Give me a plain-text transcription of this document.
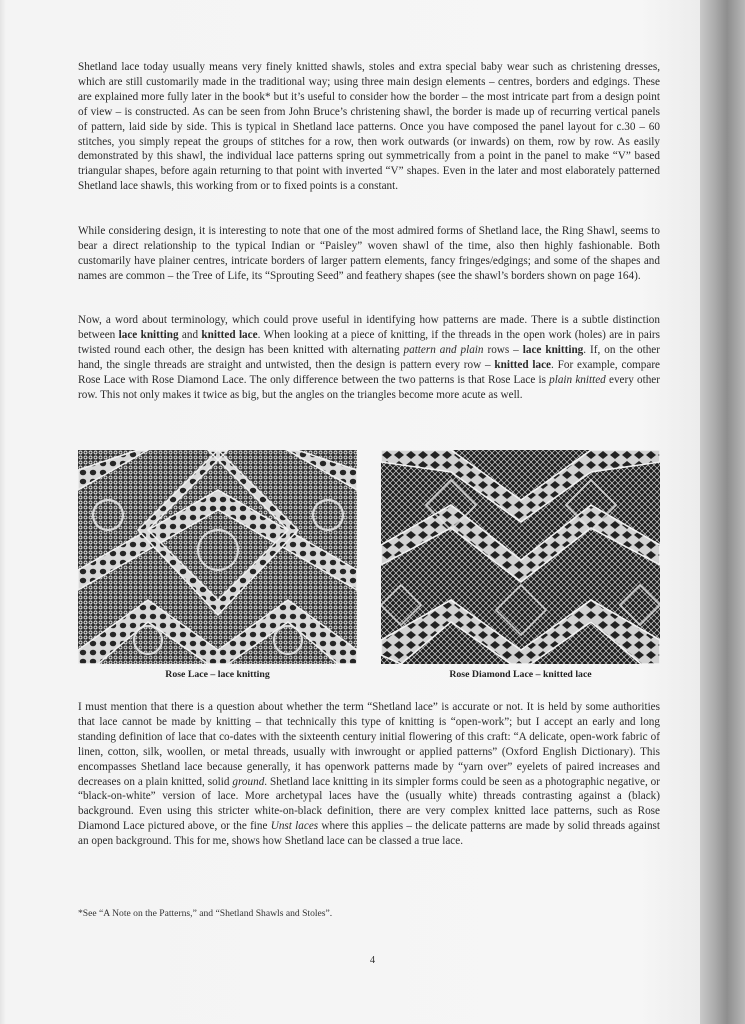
Shetland lace today usually means very finely knitted shawls, stoles and extra special baby wear such as christening dresses, which are still customarily made in the traditional way; using three main design elements – centres, borders and edgings. These are explained more fully later in the book* but it’s useful to consider how the border – the most intricate part from a design point of view – is constructed. As can be seen from John Bruce’s christening shawl, the border is made up of recurring vertical panels of pattern, laid side by side. This is typical in Shetland lace patterns. Once you have composed the panel layout for c.30 – 60 stitches, you simply repeat the groups of stitches for a row, then work outwards (or inwards) on them, row by row. As easily demonstrated by this shawl, the individual lace patterns spring out symmetrically from a point in the panel to make “V” based triangular shapes, before again returning to that point with inverted “V” shapes. Even in the later and most elaborately patterned Shetland lace shawls, this working from or to fixed points is a constant.

While considering design, it is interesting to note that one of the most admired forms of Shetland lace, the Ring Shawl, seems to bear a direct relationship to the typical Indian or “Paisley” woven shawl of the time, also then highly fashionable. Both customarily have plainer centres, intricate borders of larger pattern elements, fancy fringes/edgings; and some of the shapes and names are common – the Tree of Life, its “Sprouting Seed” and feathery shapes (see the shawl’s borders shown on page 164).

Now, a word about terminology, which could prove useful in identifying how patterns are made. There is a subtle distinction between lace knitting and knitted lace. When looking at a piece of knitting, if the threads in the open work (holes) are in pairs twisted round each other, the design has been knitted with alternating pattern and plain rows – lace knitting. If, on the other hand, the single threads are straight and untwisted, then the design is pattern every row – knitted lace. For example, compare Rose Lace with Rose Diamond Lace. The only difference between the two patterns is that Rose Lace is plain knitted every other row. This not only makes it twice as big, but the angles on the triangles become more acute as well.

Rose Lace – lace knitting	Rose Diamond Lace – knitted lace

I must mention that there is a question about whether the term “Shetland lace” is accurate or not. It is held by some authorities that lace cannot be made by knitting – that technically this type of knitting is “open-work”; but I accept an early and long standing definition of lace that co-dates with the sixteenth century initial flowering of this craft: “A delicate, open-work fabric of linen, cotton, silk, woollen, or metal threads, usually with inwrought or applied patterns” (Oxford English Dictionary). This encompasses Shetland lace because generally, it has openwork patterns made by “yarn over” eyelets of paired increases and decreases on a plain knitted, solid ground. Shetland lace knitting in its simpler forms could be seen as a photographic negative, or “black-on-white” version of lace. More archetypal laces have the (usually white) threads contrasting against a (black) background. Even using this stricter white-on-black definition, there are very complex knitted lace patterns, such as Rose Diamond Lace pictured above, or the fine Unst laces where this applies – the delicate patterns are made by solid threads against an open background. This for me, shows how Shetland lace can be classed a true lace.

*See “A Note on the Patterns,” and “Shetland Shawls and Stoles”.
4
